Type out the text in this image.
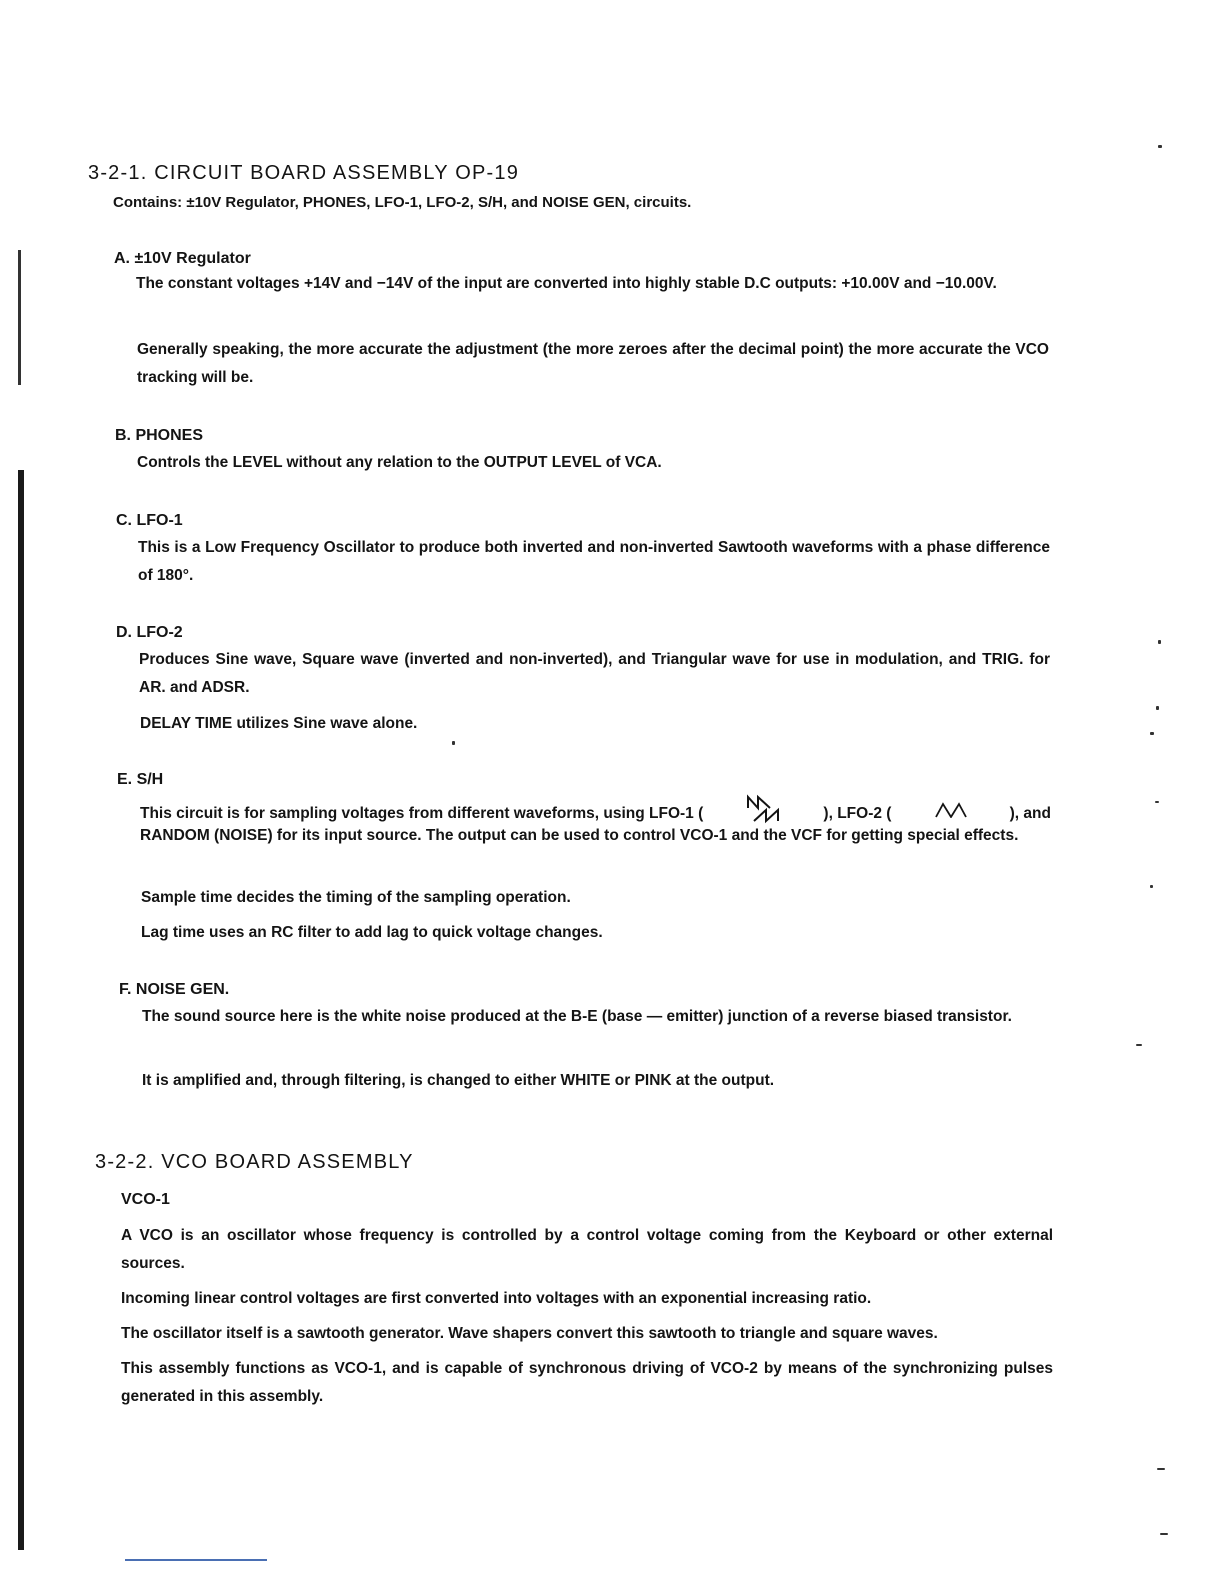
3-2-1. CIRCUIT BOARD ASSEMBLY OP-19
Contains: ±10V Regulator, PHONES, LFO-1, LFO-2, S/H, and NOISE GEN, circuits.
A. ±10V Regulator
The constant voltages +14V and −14V of the input are converted into highly stable D.C outputs: +10.00V and −10.00V.
Generally speaking, the more accurate the adjustment (the more zeroes after the decimal point) the more accurate the VCO tracking will be.
B. PHONES
Controls the LEVEL without any relation to the OUTPUT LEVEL of VCA.
C. LFO-1
This is a Low Frequency Oscillator to produce both inverted and non-inverted Sawtooth waveforms with a phase difference of 180°.
D. LFO-2
Produces Sine wave, Square wave (inverted and non-inverted), and Triangular wave for use in modulation, and TRIG. for AR. and ADSR.
DELAY TIME utilizes Sine wave alone.
E. S/H
This circuit is for sampling voltages from different waveforms, using LFO-1 (	), LFO-2 (	), and
RANDOM (NOISE) for its input source. The output can be used to control VCO-1 and the VCF for getting special effects.
Sample time decides the timing of the sampling operation.
Lag time uses an RC filter to add lag to quick voltage changes.
F. NOISE GEN.
The sound source here is the white noise produced at the B-E (base — emitter) junction of a reverse biased transistor.
It is amplified and, through filtering, is changed to either WHITE or PINK at the output.
3-2-2. VCO BOARD ASSEMBLY
VCO-1
A VCO is an oscillator whose frequency is controlled by a control voltage coming from the Keyboard or other external sources.
Incoming linear control voltages are first converted into voltages with an exponential increasing ratio.
The oscillator itself is a sawtooth generator. Wave shapers convert this sawtooth to triangle and square waves.
This assembly functions as VCO-1, and is capable of synchronous driving of VCO-2 by means of the synchronizing pulses generated in this assembly.
